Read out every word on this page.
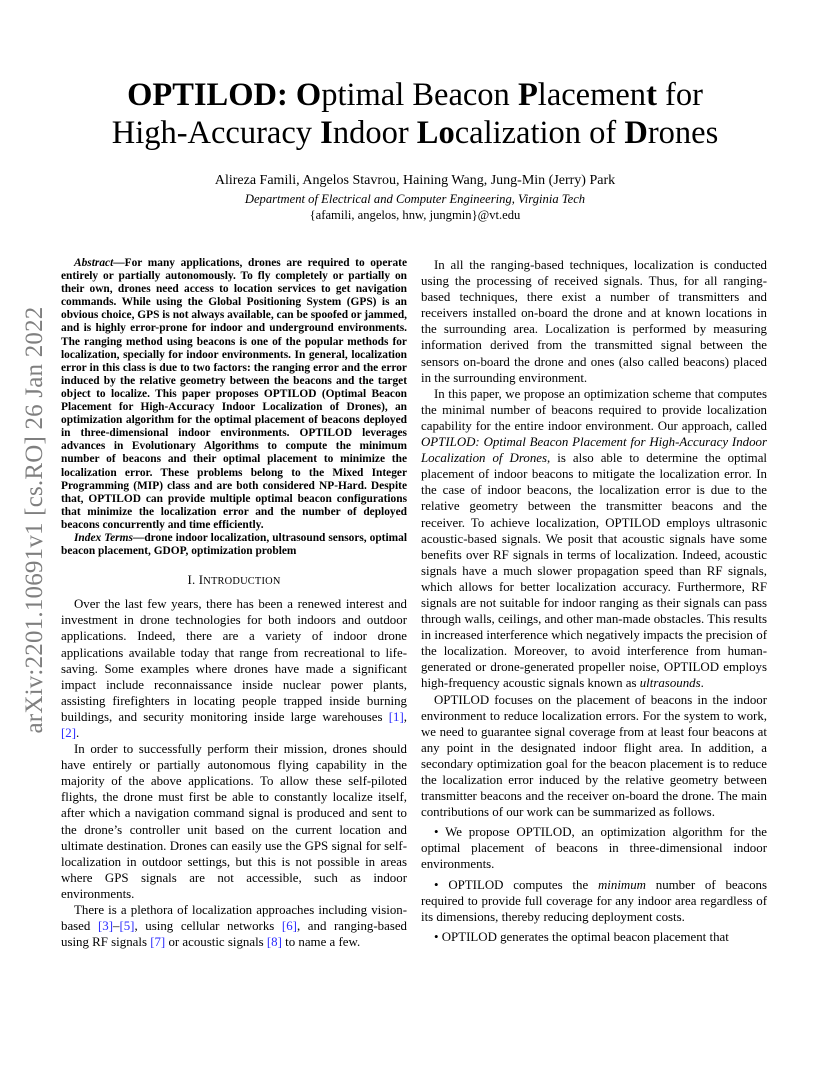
arXiv:2201.10691v1 [cs.RO] 26 Jan 2022
OPTILOD: Optimal Beacon Placement for
High-Accuracy Indoor Localization of Drones
Alireza Famili, Angelos Stavrou, Haining Wang, Jung-Min (Jerry) Park
Department of Electrical and Computer Engineering, Virginia Tech
{afamili, angelos, hnw, jungmin}@vt.edu

Abstract—For many applications, drones are required to operate entirely or partially autonomously. To fly completely or partially on their own, drones need access to location services to get navigation commands. While using the Global Positioning System (GPS) is an obvious choice, GPS is not always available, can be spoofed or jammed, and is highly error-prone for indoor and underground environments. The ranging method using beacons is one of the popular methods for localization, specially for indoor environments. In general, localization error in this class is due to two factors: the ranging error and the error induced by the relative geometry between the beacons and the target object to localize. This paper proposes OPTILOD (Optimal Beacon Placement for High-Accuracy Indoor Localization of Drones), an optimization algorithm for the optimal placement of beacons deployed in three-dimensional indoor environments. OPTILOD leverages advances in Evolutionary Algorithms to compute the minimum number of beacons and their optimal placement to minimize the localization error. These problems belong to the Mixed Integer Programming (MIP) class and are both considered NP-Hard. Despite that, OPTILOD can provide multiple optimal beacon configurations that minimize the localization error and the number of deployed beacons concurrently and time efficiently.

Index Terms—drone indoor localization, ultrasound sensors, optimal beacon placement, GDOP, optimization problem

I. INTRODUCTION

Over the last few years, there has been a renewed interest and investment in drone technologies for both indoors and outdoor applications. Indeed, there are a variety of indoor drone applications available today that range from recreational to life-saving. Some examples where drones have made a significant impact include reconnaissance inside nuclear power plants, assisting firefighters in locating people trapped inside burning buildings, and security monitoring inside large warehouses [1], [2].

In order to successfully perform their mission, drones should have entirely or partially autonomous flying capability in the majority of the above applications. To allow these self-piloted flights, the drone must first be able to constantly localize itself, after which a navigation command signal is produced and sent to the drone’s controller unit based on the current location and ultimate destination. Drones can easily use the GPS signal for self-localization in outdoor settings, but this is not possible in areas where GPS signals are not accessible, such as indoor environments.

There is a plethora of localization approaches including vision-based [3]–[5], using cellular networks [6], and ranging-based using RF signals [7] or acoustic signals [8] to name a few.

In all the ranging-based techniques, localization is conducted using the processing of received signals. Thus, for all ranging-based techniques, there exist a number of transmitters and receivers installed on-board the drone and at known locations in the surrounding area. Localization is performed by measuring information derived from the transmitted signal between the sensors on-board the drone and ones (also called beacons) placed in the surrounding environment.

In this paper, we propose an optimization scheme that computes the minimal number of beacons required to provide localization capability for the entire indoor environment. Our approach, called OPTILOD: Optimal Beacon Placement for High-Accuracy Indoor Localization of Drones, is also able to determine the optimal placement of indoor beacons to mitigate the localization error. In the case of indoor beacons, the localization error is due to the relative geometry between the transmitter beacons and the receiver. To achieve localization, OPTILOD employs ultrasonic acoustic-based signals. We posit that acoustic signals have some benefits over RF signals in terms of localization. Indeed, acoustic signals have a much slower propagation speed than RF signals, which allows for better localization accuracy. Furthermore, RF signals are not suitable for indoor ranging as their signals can pass through walls, ceilings, and other man-made obstacles. This results in increased interference which negatively impacts the precision of the localization. Moreover, to avoid interference from human-generated or drone-generated propeller noise, OPTILOD employs high-frequency acoustic signals known as ultrasounds.

OPTILOD focuses on the placement of beacons in the indoor environment to reduce localization errors. For the system to work, we need to guarantee signal coverage from at least four beacons at any point in the designated indoor flight area. In addition, a secondary optimization goal for the beacon placement is to reduce the localization error induced by the relative geometry between transmitter beacons and the receiver on-board the drone. The main contributions of our work can be summarized as follows.

• We propose OPTILOD, an optimization algorithm for the optimal placement of beacons in three-dimensional indoor environments.

• OPTILOD computes the minimum number of beacons required to provide full coverage for any indoor area regardless of its dimensions, thereby reducing deployment costs.

• OPTILOD generates the optimal beacon placement that
